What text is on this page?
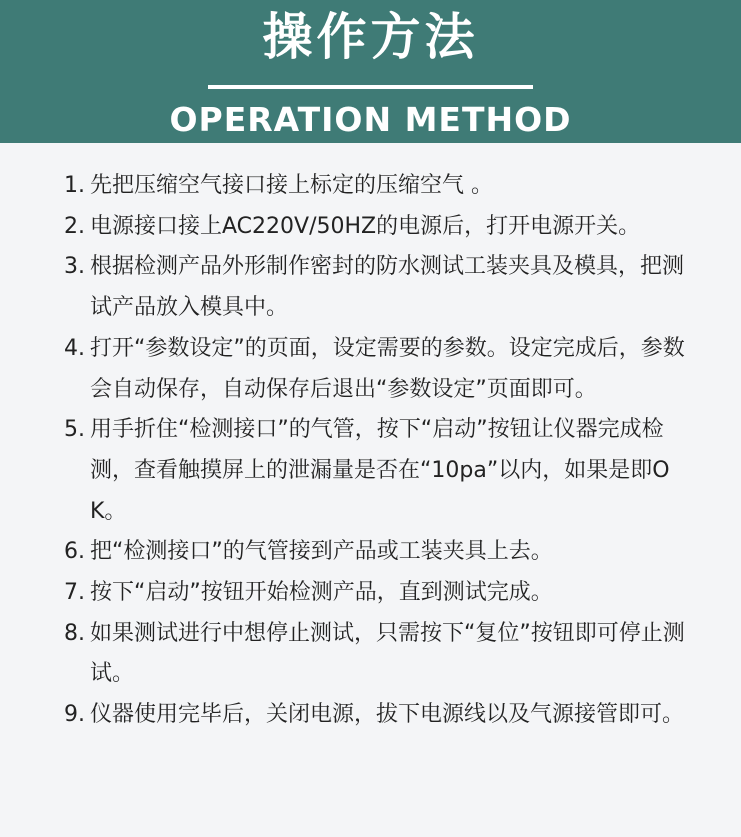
操作方法
OPERATION METHOD
1. 先把压缩空气接口接上标定的压缩空气 。
2. 电源接口接上AC220V/50HZ的电源后，打开电源开关。
3. 根据检测产品外形制作密封的防水测试工装夹具及模具，把测试产品放入模具中。
4. 打开“参数设定”的页面，设定需要的参数。设定完成后，参数会自动保存，自动保存后退出“参数设定”页面即可。
5. 用手折住“检测接口”的气管，按下“启动”按钮让仪器完成检测，查看触摸屏上的泄漏量是否在“10pa”以内，如果是即OK。
6. 把“检测接口”的气管接到产品或工装夹具上去。
7. 按下“启动”按钮开始检测产品，直到测试完成。
8. 如果测试进行中想停止测试，只需按下“复位”按钮即可停止测试。
9. 仪器使用完毕后，关闭电源，拔下电源线以及气源接管即可。
